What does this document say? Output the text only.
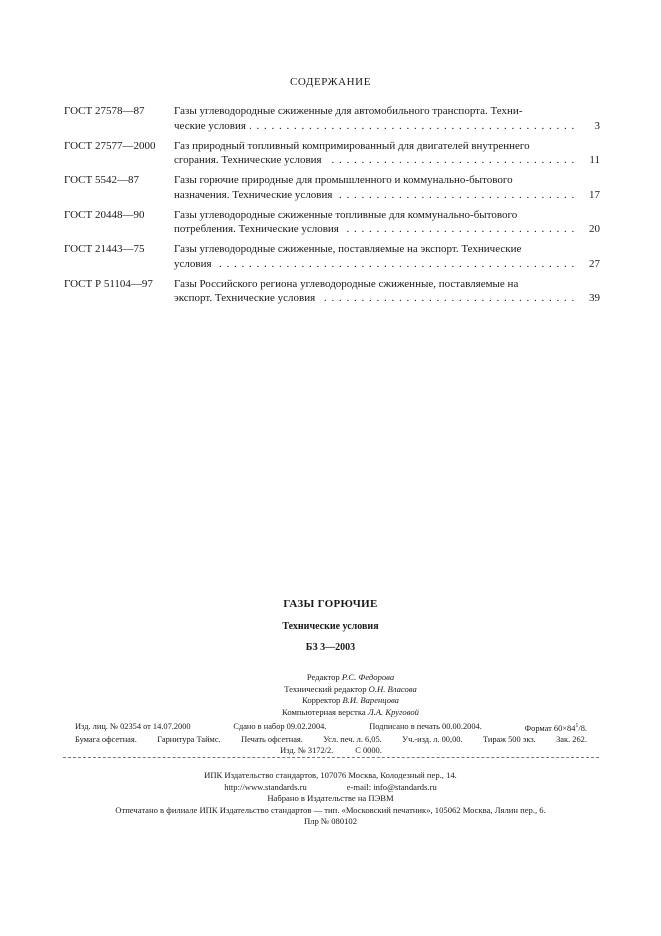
СОДЕРЖАНИЕ
ГОСТ 27578—87	Газы углеводородные сжиженные для автомобильного транспорта. Техни-
ческие условия . . .	3
ГОСТ 27577—2000 Газ природный топливный компримированный для двигателей внутреннего
сгорания. Технические условия . . .	11
ГОСТ 5542—87	Газы горючие природные для промышленного и коммунально-бытового
назначения. Технические условия . . .	17
ГОСТ 20448—90	Газы углеводородные сжиженные топливные для коммунально-бытового
потребления. Технические условия . . .	20
ГОСТ 21443—75	Газы углеводородные сжиженные, поставляемые на экспорт. Технические
условия . . .	27
ГОСТ Р 51104—97 Газы Российского региона углеводородные сжиженные, поставляемые на
экспорт. Технические условия . . .	39
ГАЗЫ ГОРЮЧИЕ
Технические условия
БЗ 3—2003
Редактор Р.С. Федорова
Технический редактор О.Н. Власова
Корректор В.И. Варенцова
Компьютерная верстка Л.А. Круговой
Изд. лиц. № 02354 от 14.07.2000	Сдано в набор 09.02.2004.	Подписано в печать 00.00.2004.	Формат $60\times 84^1/8$.
Бумага офсетная. Гарнитура Таймс. Печать офсетная. Усл. печ. л. 6,05. Уч.-изд. л. 00,00. Тираж 500 экз. Зак. 262.
Изд. № 3172/2.	С 0000.
ИПК Издательство стандартов, 107076 Москва, Колодезный пер., 14.
http://www.standards.ru	e-mail: info@standards.ru
Набрано в Издательстве на ПЭВМ
Отпечатано в филиале ИПК Издательство стандартов — тип. «Московский печатник», 105062 Москва, Лялин пер., 6.
Плр № 080102
